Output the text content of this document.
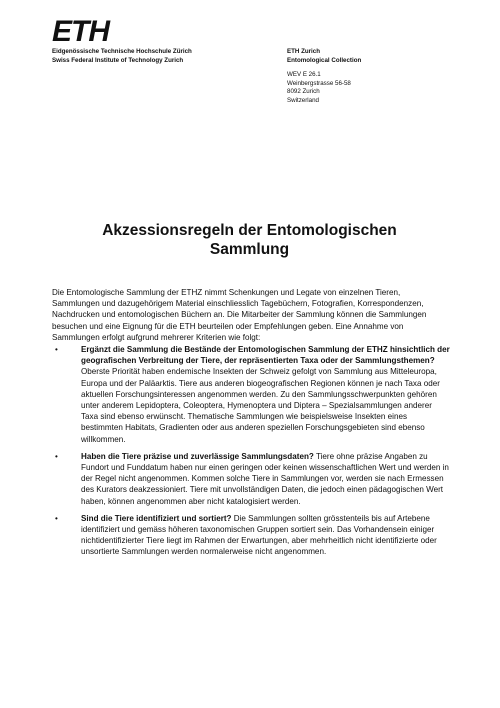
ETH
Eidgenössische Technische Hochschule Zürich
Swiss Federal Institute of Technology Zurich
ETH Zurich
Entomological Collection
WEV E 26.1
Weinbergstrasse 56-58
8092 Zurich
Switzerland
Akzessionsregeln der Entomologischen
Sammlung

Die Entomologische Sammlung der ETHZ nimmt Schenkungen und Legate von einzelnen Tieren, Sammlungen und dazugehörigem Material einschliesslich Tagebüchern, Fotografien, Korrespondenzen, Nachdrucken und entomologischen Büchern an. Die Mitarbeiter der Sammlung können die Sammlungen besuchen und eine Eignung für die ETH beurteilen oder Empfehlungen geben. Eine Annahme von Sammlungen erfolgt aufgrund mehrerer Kriterien wie folgt:

•	Ergänzt die Sammlung die Bestände der Entomologischen Sammlung der ETHZ hinsichtlich der geografischen Verbreitung der Tiere, der repräsentierten Taxa oder der Sammlungsthemen? Oberste Priorität haben endemische Insekten der Schweiz gefolgt von Sammlung aus Mitteleuropa, Europa und der Paläarktis. Tiere aus anderen biogeografischen Regionen können je nach Taxa oder aktuellen Forschungsinteressen angenommen werden. Zu den Sammlungsschwerpunkten gehören unter anderem Lepidoptera, Coleoptera, Hymenoptera und Diptera – Spezialsammlungen anderer Taxa sind ebenso erwünscht. Thematische Sammlungen wie beispielsweise Insekten eines bestimmten Habitats, Gradienten oder aus anderen speziellen Forschungsgebieten sind ebenso willkommen.
•	Haben die Tiere präzise und zuverlässige Sammlungsdaten? Tiere ohne präzise Angaben zu Fundort und Funddatum haben nur einen geringen oder keinen wissenschaftlichen Wert und werden in der Regel nicht angenommen. Kommen solche Tiere in Sammlungen vor, werden sie nach Ermessen des Kurators deakzessioniert. Tiere mit unvollständigen Daten, die jedoch einen pädagogischen Wert haben, können angenommen aber nicht katalogisiert werden.
•	Sind die Tiere identifiziert und sortiert? Die Sammlungen sollten grösstenteils bis auf Artebene identifiziert und gemäss höheren taxonomischen Gruppen sortiert sein. Das Vorhandensein einiger nichtidentifizierter Tiere liegt im Rahmen der Erwartungen, aber mehrheitlich nicht identifizierte oder unsortierte Sammlungen werden normalerweise nicht angenommen.
